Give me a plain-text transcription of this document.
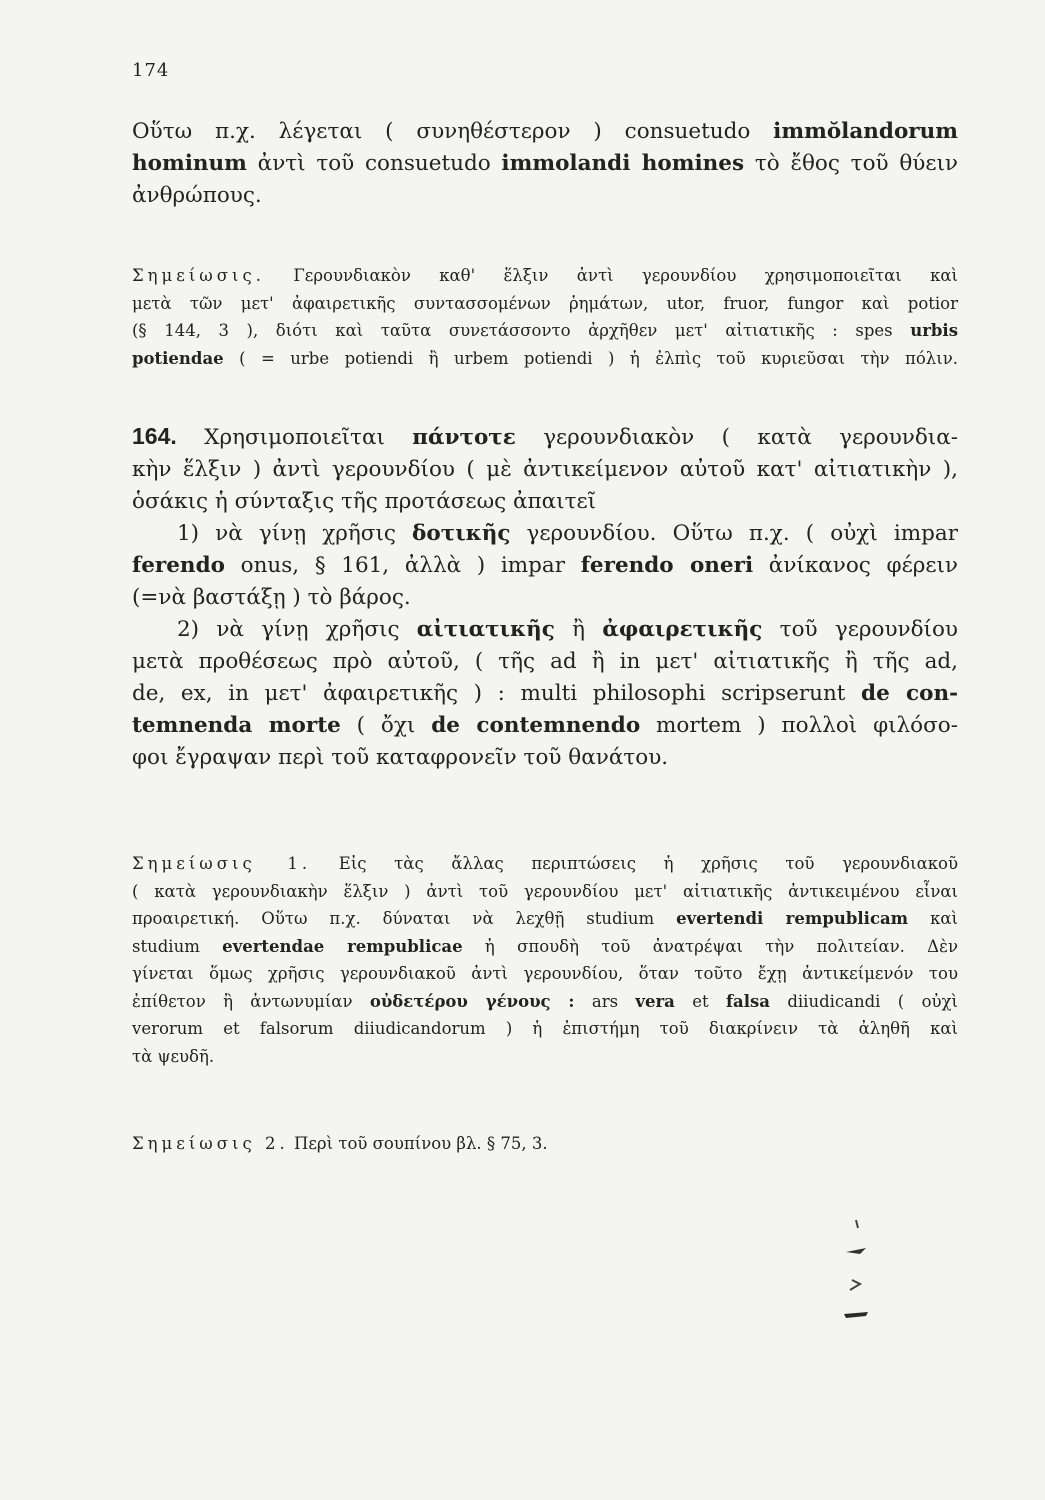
174
Οὕτω π.χ. λέγεται ( συνηθέστερον ) consuetudo immŏlandorum
hominum ἀντὶ τοῦ consuetudo immolandi homines τὸ ἔθος τοῦ θύειν
ἀνθρώπους.
Σημείωσις. Γερουνδιακὸν καθ' ἕλξιν ἀντὶ γερουνδίου χρησιμοποιεῖται καὶ
μετὰ τῶν μετ' ἀφαιρετικῆς συντασσομένων ῥημάτων, utor, fruor, fungor καὶ potior
(§ 144, 3 ), διότι καὶ ταῦτα συνετάσσοντο ἀρχῆθεν μετ' αἰτιατικῆς : spes urbis
potiendae ( = urbe potiendi ἢ urbem potiendi ) ἡ ἐλπὶς τοῦ κυριεῦσαι τὴν πόλιν.
164. Χρησιμοποιεῖται πάντοτε γερουνδιακὸν ( κατὰ γερουνδια-
κὴν ἕλξιν ) ἀντὶ γερουνδίου ( μὲ ἀντικείμενον αὐτοῦ κατ' αἰτιατικὴν ),
ὁσάκις ἡ σύνταξις τῆς προτάσεως ἀπαιτεῖ
1) νὰ γίνῃ χρῆσις δοτικῆς γερουνδίου. Οὕτω π.χ. ( οὐχὶ impar
ferendo onus, § 161, ἀλλὰ ) impar ferendo oneri ἀνίκανος φέρειν
(=νὰ βαστάξῃ ) τὸ βάρος.
2) νὰ γίνῃ χρῆσις αἰτιατικῆς ἢ ἀφαιρετικῆς τοῦ γερουνδίου
μετὰ προθέσεως πρὸ αὐτοῦ, ( τῆς ad ἢ in μετ' αἰτιατικῆς ἢ τῆς ad,
de, ex, in μετ' ἀφαιρετικῆς ) : multi philosophi scripserunt de con-
temnenda morte ( ὄχι de contemnendo mortem ) πολλοὶ φιλόσο-
φοι ἔγραψαν περὶ τοῦ καταφρονεῖν τοῦ θανάτου.
Σημείωσις 1. Εἰς τὰς ἄλλας περιπτώσεις ἡ χρῆσις τοῦ γερουνδιακοῦ
( κατὰ γερουνδιακὴν ἕλξιν ) ἀντὶ τοῦ γερουνδίου μετ' αἰτιατικῆς ἀντικειμένου εἶναι
προαιρετική. Οὕτω π.χ. δύναται νὰ λεχθῇ studium evertendi rempublicam καὶ
studium evertendae rempublicae ἡ σπουδὴ τοῦ ἀνατρέψαι τὴν πολιτείαν. Δὲν
γίνεται ὅμως χρῆσις γερουνδιακοῦ ἀντὶ γερουνδίου, ὅταν τοῦτο ἔχῃ ἀντικείμενόν του
ἐπίθετον ἢ ἀντωνυμίαν οὐδετέρου γένους : ars vera et falsa diiudicandi ( οὐχὶ
verorum et falsorum diiudicandorum ) ἡ ἐπιστήμη τοῦ διακρίνειν τὰ ἀληθῆ καὶ
τὰ ψευδῆ.
Σημείωσις 2. Περὶ τοῦ σουπίνου βλ. § 75, 3.
